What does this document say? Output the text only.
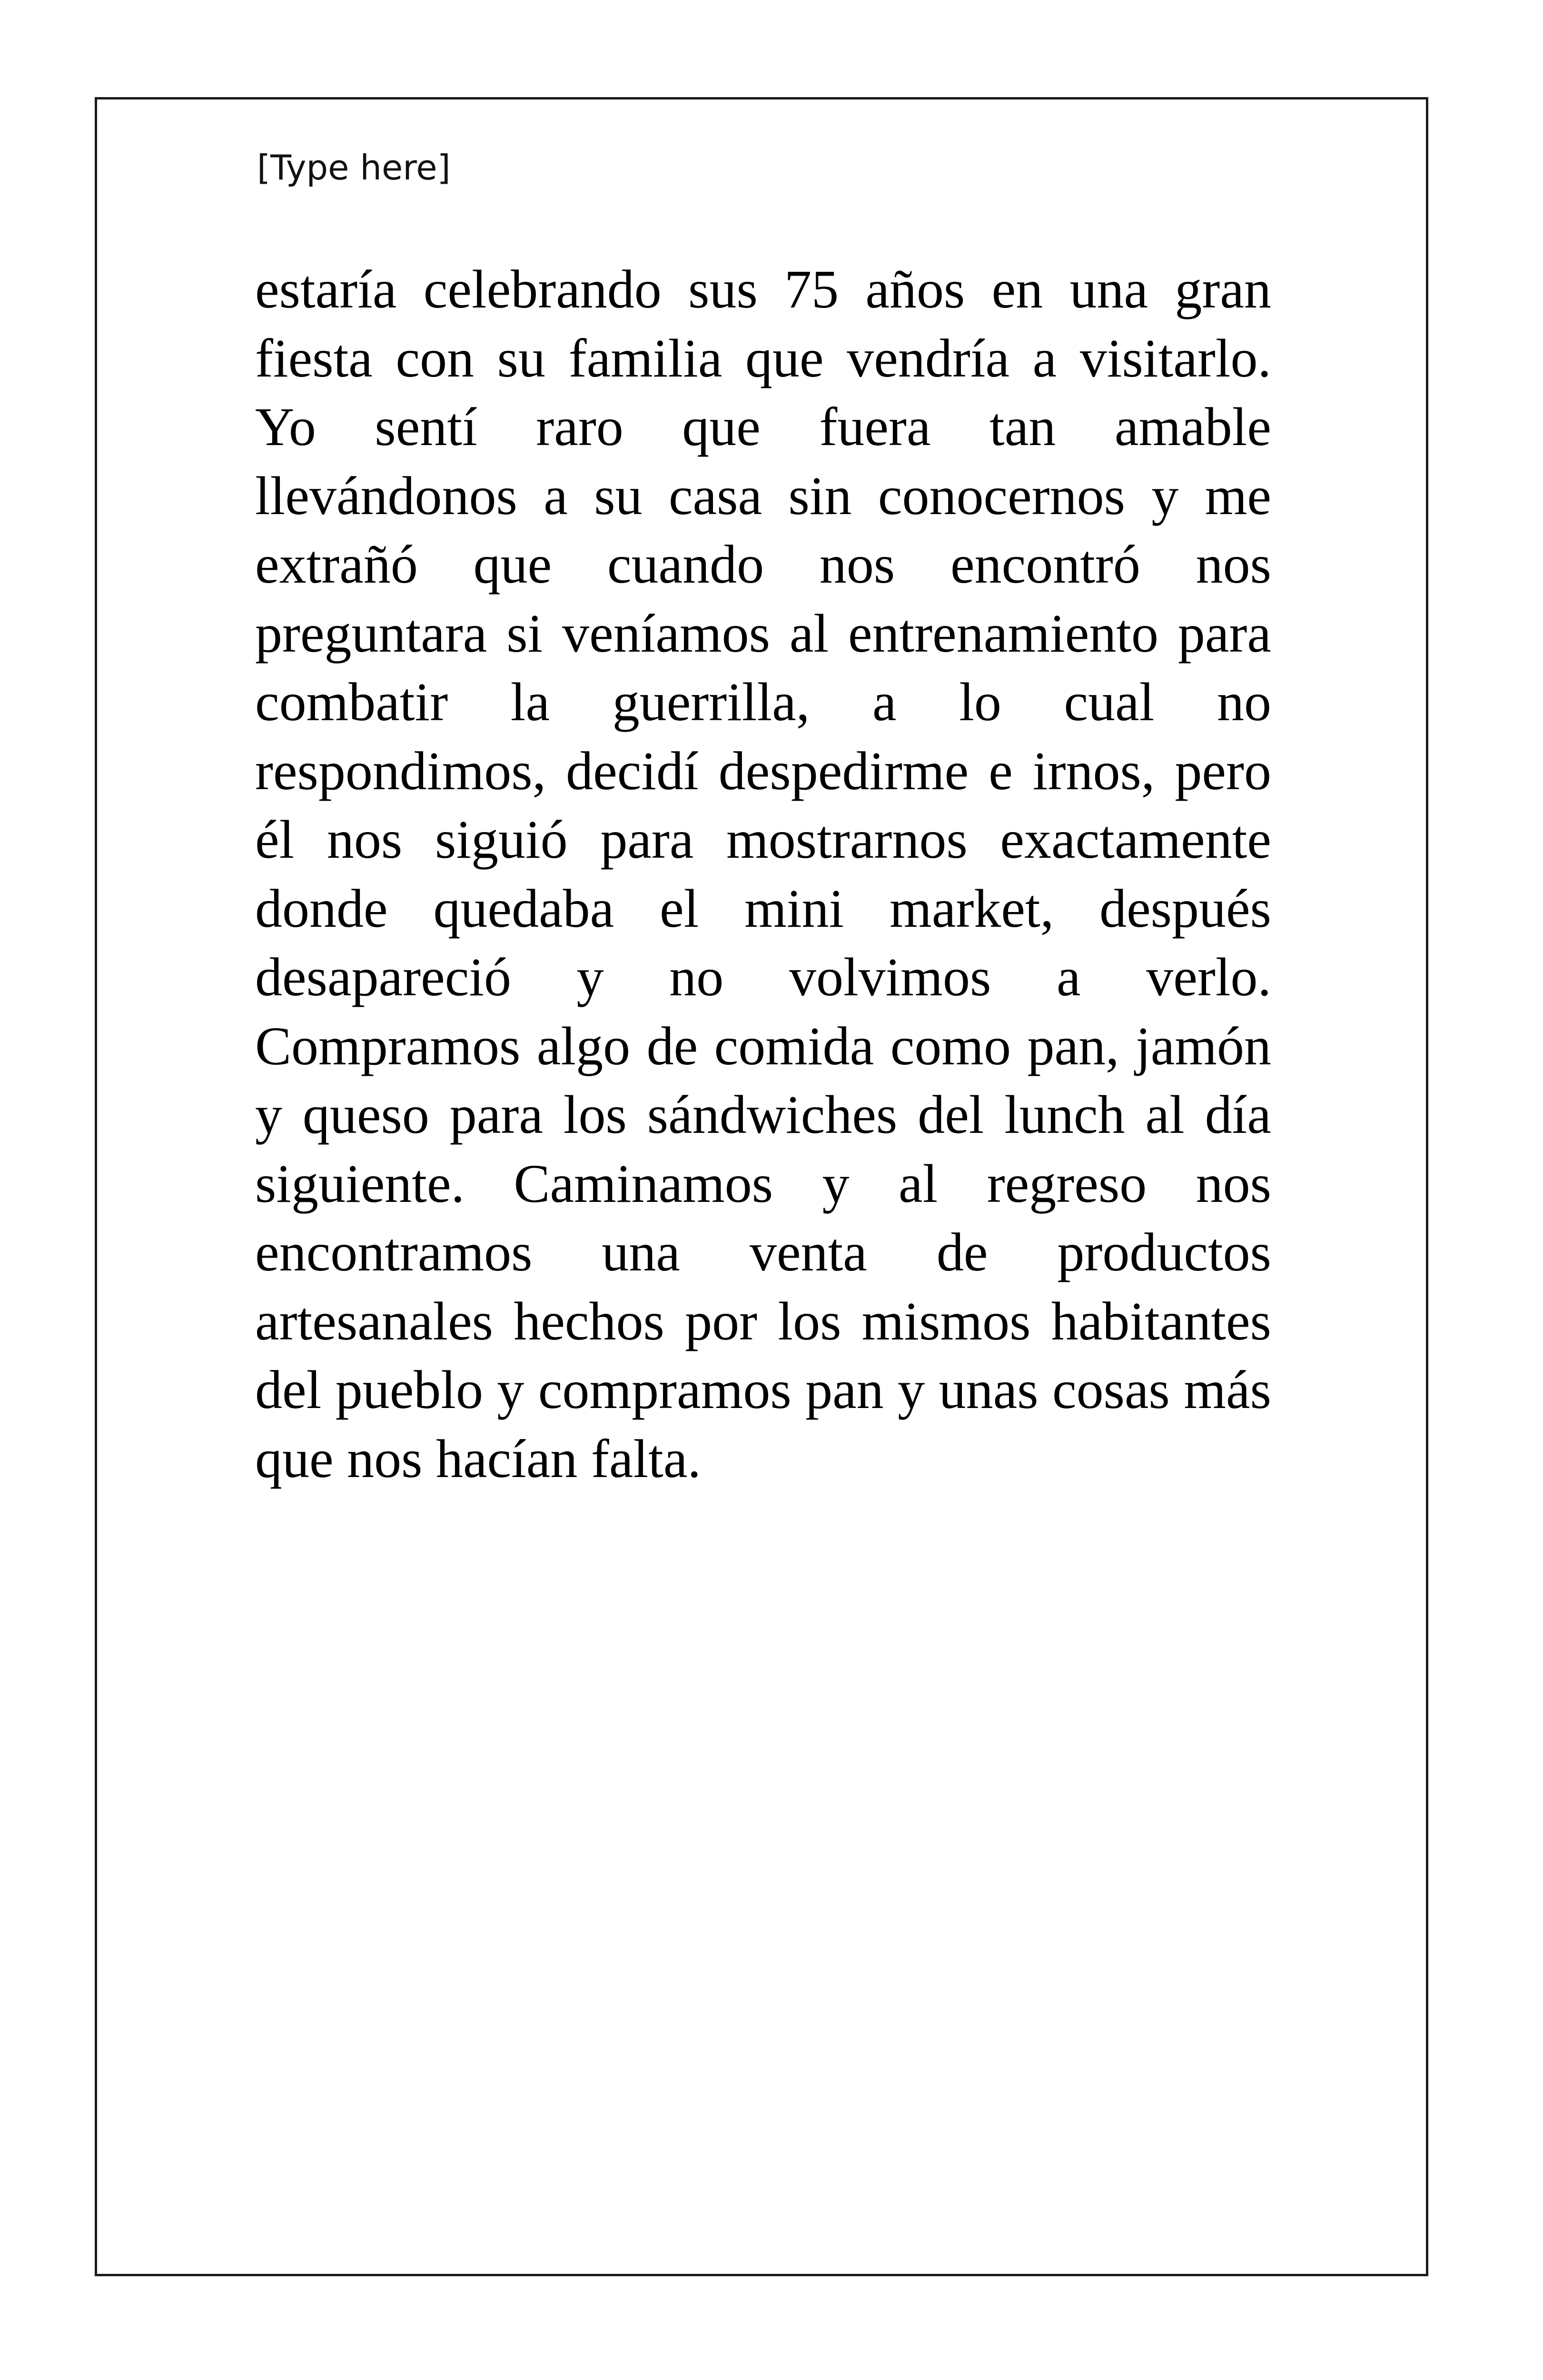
[Type here]
estaría celebrando sus 75 años en una gran
fiesta con su familia que vendría a visitarlo.
Yo sentí raro que fuera tan amable
llevándonos a su casa sin conocernos y me
extrañó que cuando nos encontró nos
preguntara si veníamos al entrenamiento para
combatir la guerrilla, a lo cual no
respondimos, decidí despedirme e irnos, pero
él nos siguió para mostrarnos exactamente
donde quedaba el mini market, después
desapareció y no volvimos a verlo.
Compramos algo de comida como pan, jamón
y queso para los sándwiches del lunch al día
siguiente. Caminamos y al regreso nos
encontramos una venta de productos
artesanales hechos por los mismos habitantes
del pueblo y compramos pan y unas cosas más
que nos hacían falta.
